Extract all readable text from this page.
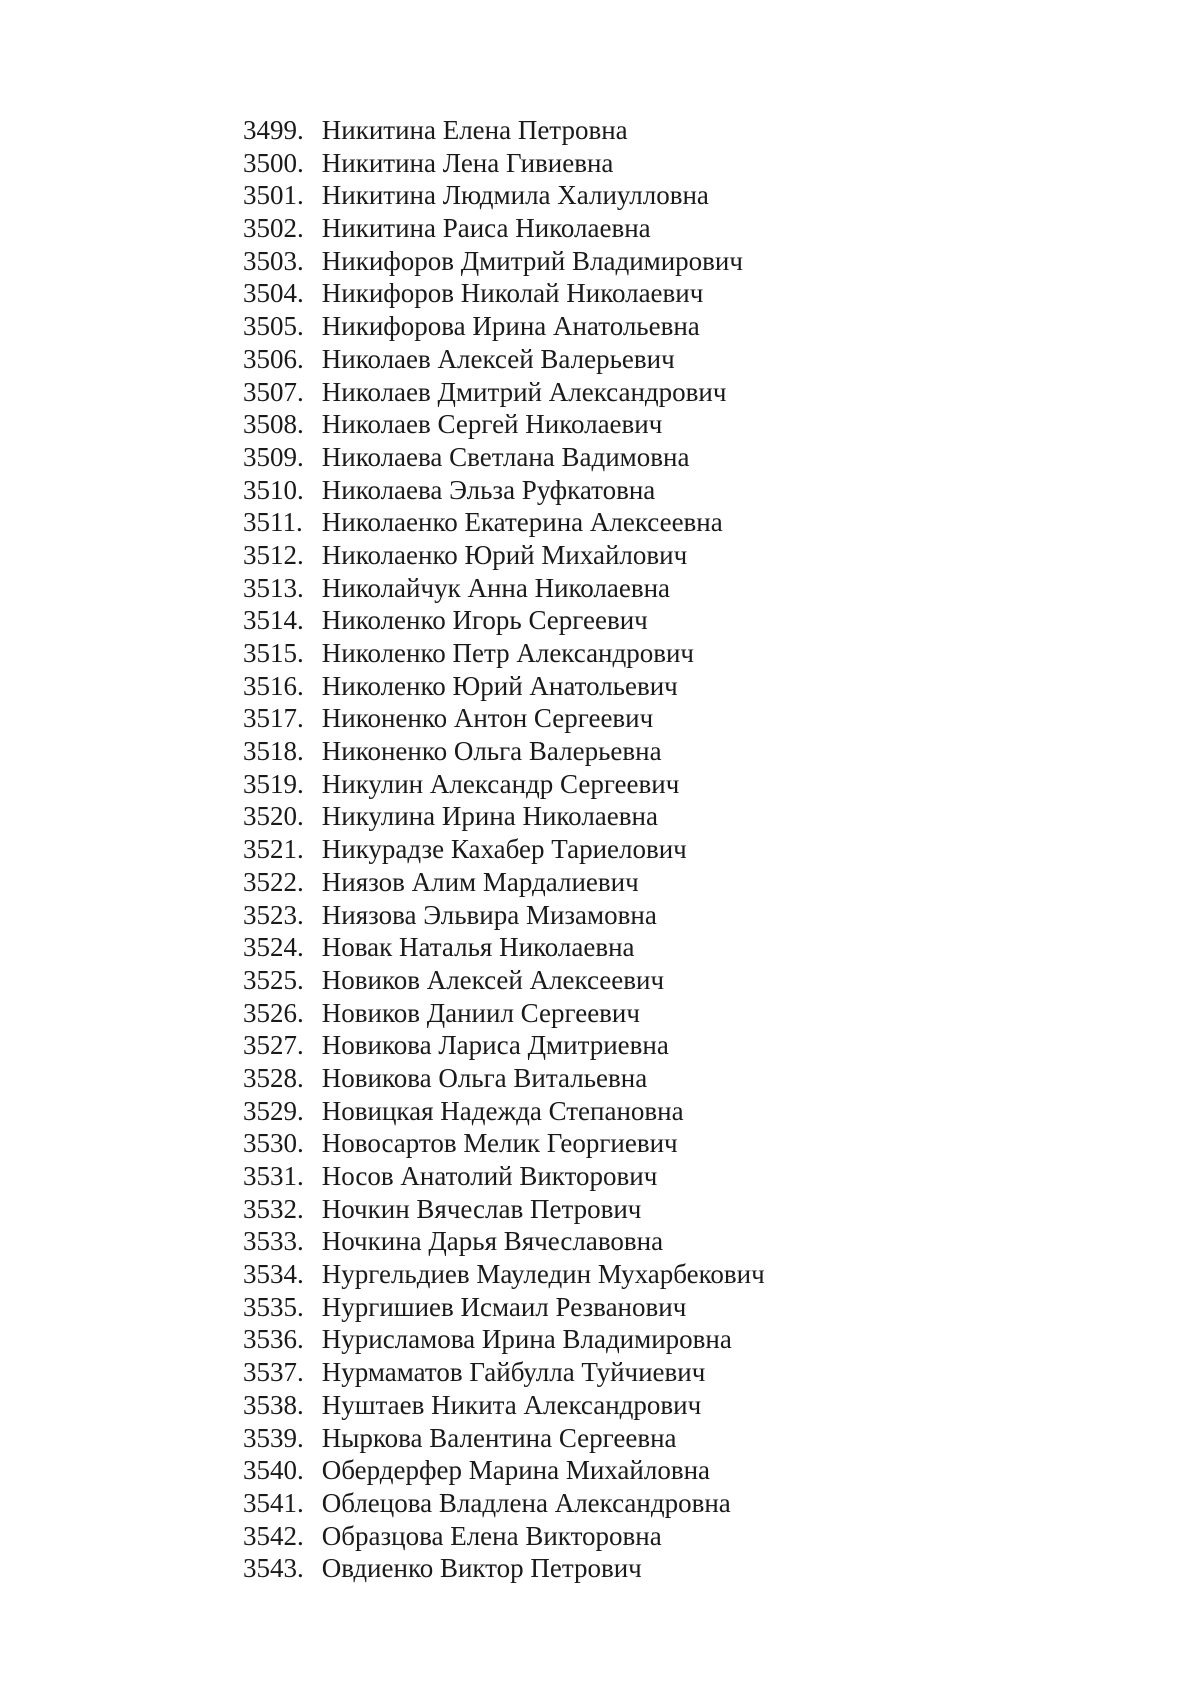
3499. Никитина Елена Петровна
3500. Никитина Лена Гивиевна
3501. Никитина Людмила Халиулловна
3502. Никитина Раиса Николаевна
3503. Никифоров Дмитрий Владимирович
3504. Никифоров Николай Николаевич
3505. Никифорова Ирина Анатольевна
3506. Николаев Алексей Валерьевич
3507. Николаев Дмитрий Александрович
3508. Николаев Сергей Николаевич
3509. Николаева Светлана Вадимовна
3510. Николаева Эльза Руфкатовна
3511. Николаенко Екатерина Алексеевна
3512. Николаенко Юрий Михайлович
3513. Николайчук Анна Николаевна
3514. Николенко Игорь Сергеевич
3515. Николенко Петр Александрович
3516. Николенко Юрий Анатольевич
3517. Никоненко Антон Сергеевич
3518. Никоненко Ольга Валерьевна
3519. Никулин Александр Сергеевич
3520. Никулина Ирина Николаевна
3521. Никурадзе Кахабер Тариелович
3522. Ниязов Алим Мардалиевич
3523. Ниязова Эльвира Мизамовна
3524. Новак Наталья Николаевна
3525. Новиков Алексей Алексеевич
3526. Новиков Даниил Сергеевич
3527. Новикова Лариса Дмитриевна
3528. Новикова Ольга Витальевна
3529. Новицкая Надежда Степановна
3530. Новосартов Мелик Георгиевич
3531. Носов Анатолий Викторович
3532. Ночкин Вячеслав Петрович
3533. Ночкина Дарья Вячеславовна
3534. Нургельдиев Мауледин Мухарбекович
3535. Нургишиев Исмаил Резванович
3536. Нурисламова Ирина Владимировна
3537. Нурмаматов Гайбулла Туйчиевич
3538. Нуштаев Никита Александрович
3539. Ныркова Валентина Сергеевна
3540. Обердерфер Марина Михайловна
3541. Облецова Владлена Александровна
3542. Образцова Елена Викторовна
3543. Овдиенко Виктор Петрович
